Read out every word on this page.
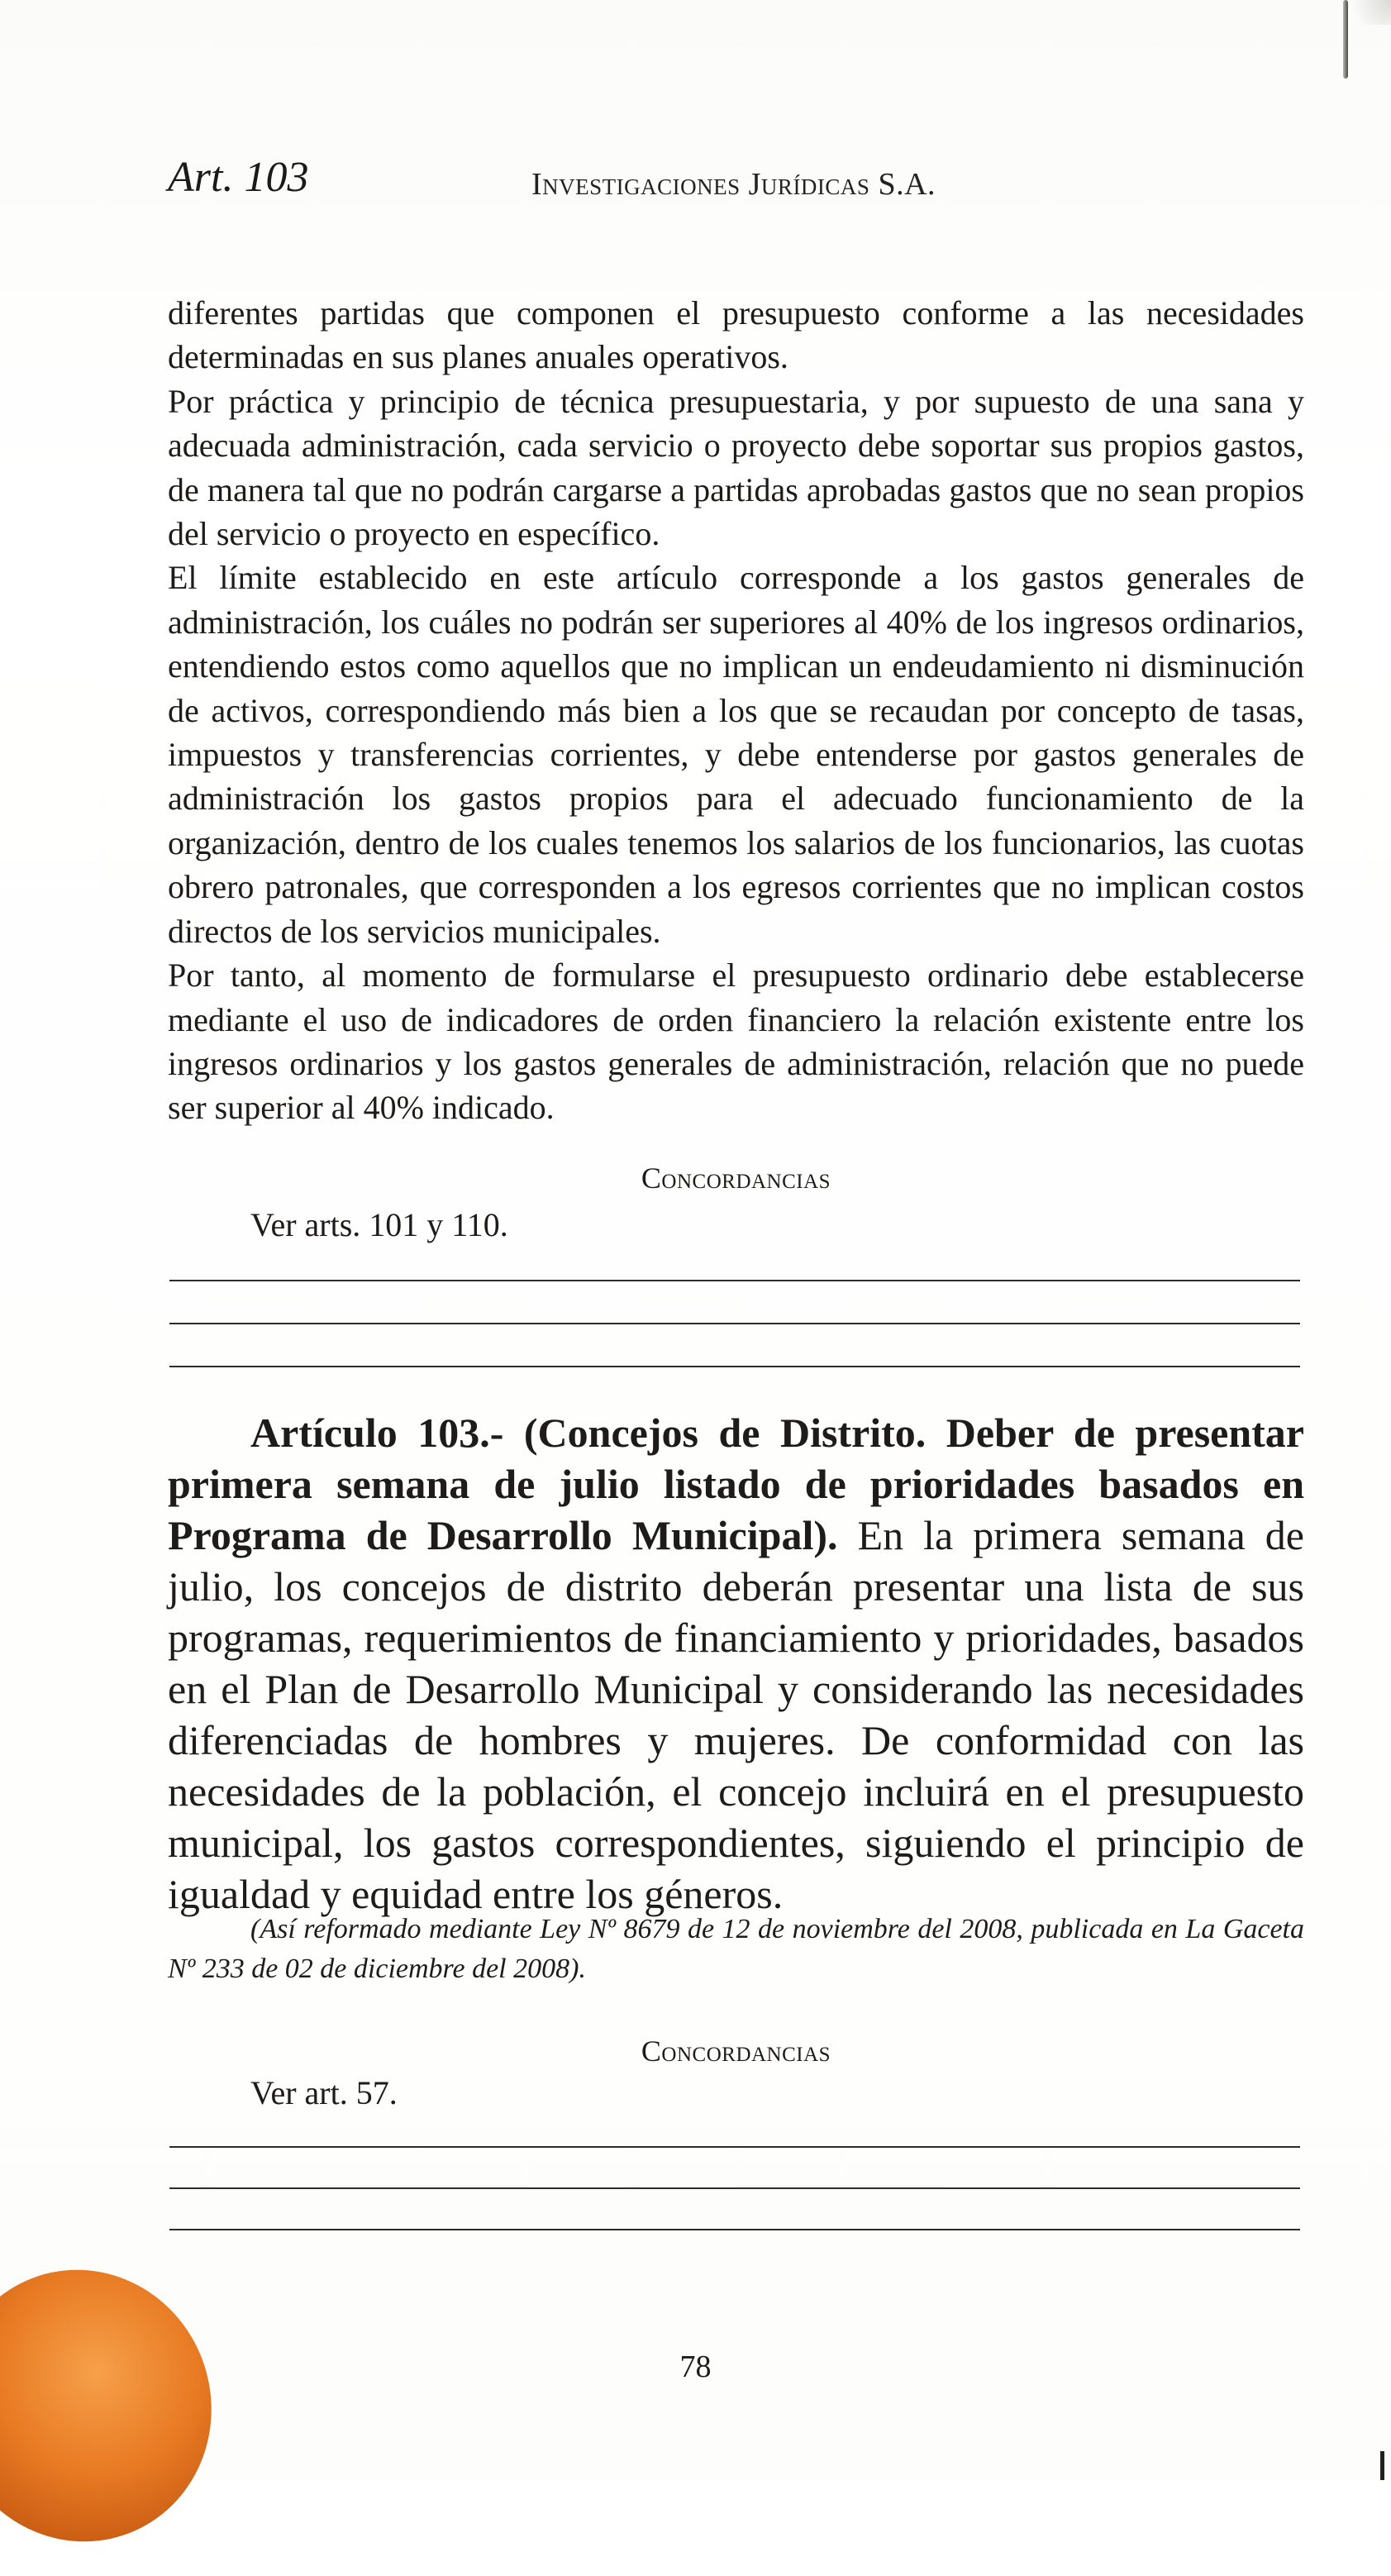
Art. 103	Investigaciones Jurídicas S.A.

diferentes partidas que componen el presupuesto conforme a las necesidades determinadas en sus planes anuales operativos.

Por práctica y principio de técnica presupuestaria, y por supuesto de una sana y adecuada administración, cada servicio o proyecto debe soportar sus propios gastos, de manera tal que no podrán cargarse a partidas aprobadas gastos que no sean propios del servicio o proyecto en específico.

El límite establecido en este artículo corresponde a los gastos generales de administración, los cuáles no podrán ser superiores al 40% de los ingresos ordinarios, entendiendo estos como aquellos que no implican un endeudamiento ni disminución de activos, correspondiendo más bien a los que se recaudan por concepto de tasas, impuestos y transferencias corrientes, y debe entenderse por gastos generales de administración los gastos propios para el adecuado funcionamiento de la organización, dentro de los cuales tenemos los salarios de los funcionarios, las cuotas obrero patronales, que corresponden a los egresos corrientes que no implican costos directos de los servicios municipales.

Por tanto, al momento de formularse el presupuesto ordinario debe establecerse mediante el uso de indicadores de orden financiero la relación existente entre los ingresos ordinarios y los gastos generales de administración, relación que no puede ser superior al 40% indicado.

Concordancias
Ver arts. 101 y 110.

Artículo 103.- (Concejos de Distrito. Deber de presentar primera semana de julio listado de prioridades basados en Programa de Desarrollo Municipal). En la primera semana de julio, los concejos de distrito deberán presentar una lista de sus programas, requerimientos de financiamiento y prioridades, basados en el Plan de Desarrollo Municipal y considerando las necesidades diferenciadas de hombres y mujeres. De conformidad con las necesidades de la población, el concejo incluirá en el presupuesto municipal, los gastos correspondientes, siguiendo el principio de igualdad y equidad entre los géneros.

(Así reformado mediante Ley Nº 8679 de 12 de noviembre del 2008, publicada en La Gaceta Nº 233 de 02 de diciembre del 2008).
Concordancias
Ver art. 57.
78
